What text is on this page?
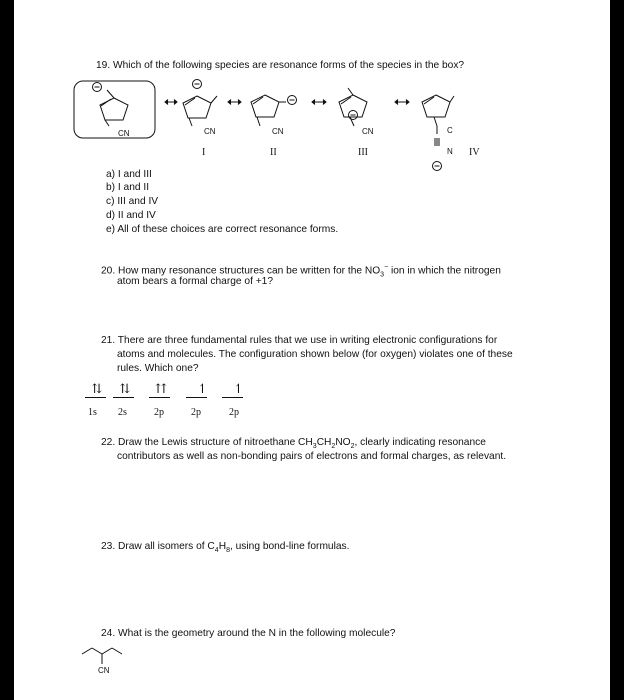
19. Which of the following species are resonance forms of the species in the box?
CN	CN	CN	CN	C
N
I	II	III	IV
a) I and III
b) I and II
c) III and IV
d) II and IV
e) All of these choices are correct resonance forms.
20. How many resonance structures can be written for the $NO_3^-$ ion in which the nitrogen
atom bears a formal charge of +1?
21. There are three fundamental rules that we use in writing electronic configurations for
atoms and molecules. The configuration shown below (for oxygen) violates one of these
rules. Which one?
⇅
1s
⇅
2s
⇈
2p
↿
2p
↿
2p
22. Draw the Lewis structure of nitroethane $CH_3CH_2NO_2$, clearly indicating resonance
contributors as well as non-bonding pairs of electrons and formal charges, as relevant.
23. Draw all isomers of $C_4H_8$, using bond-line formulas.
24. What is the geometry around the N in the following molecule?
CN
